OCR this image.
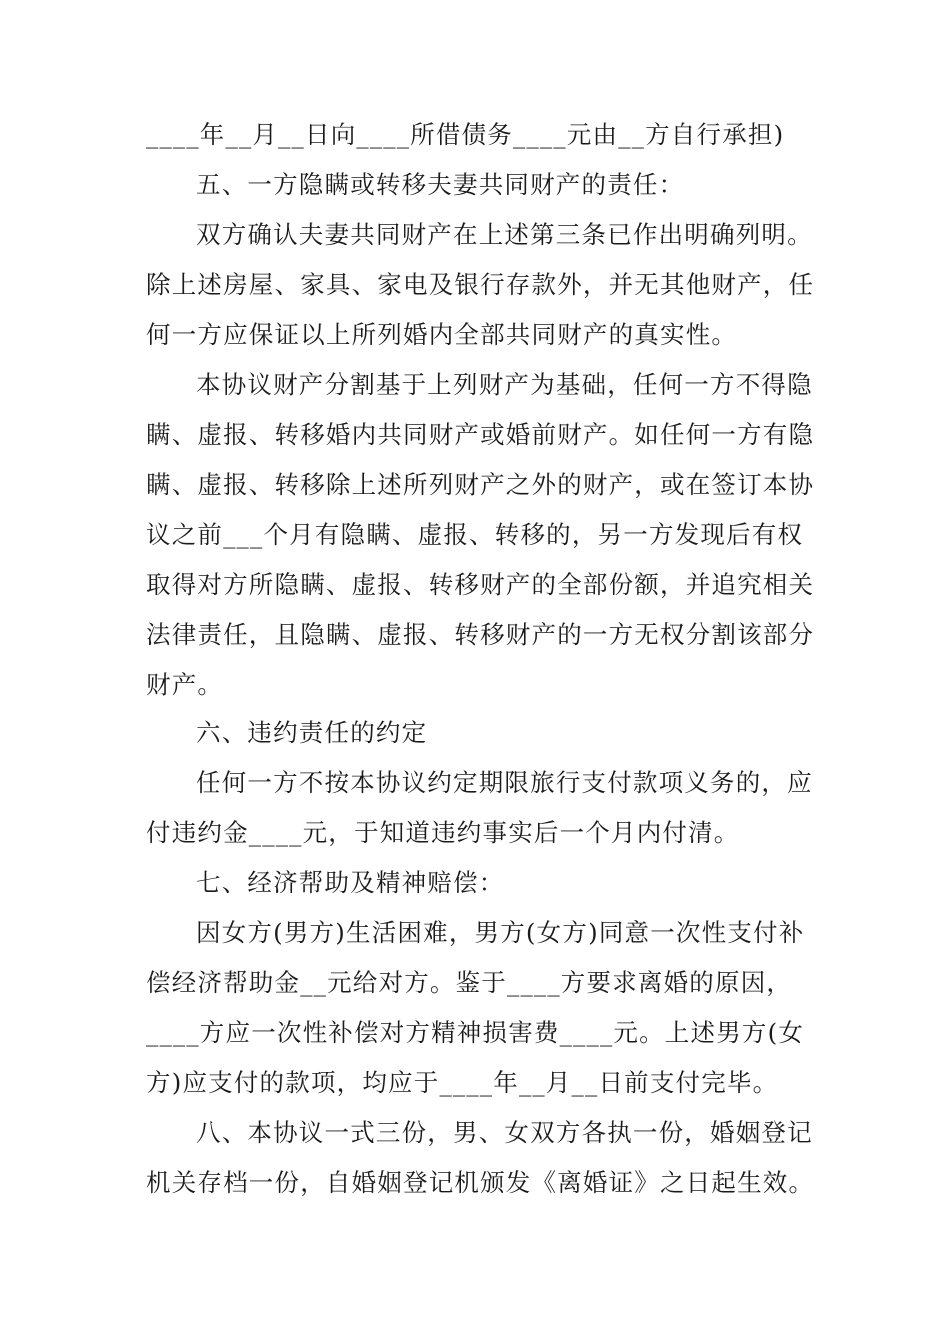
____年__月__日向____所借债务____元由__方自行承担)

五、一方隐瞒或转移夫妻共同财产的责任：

双方确认夫妻共同财产在上述第三条已作出明确列明。

除上述房屋、家具、家电及银行存款外，并无其他财产，任

何一方应保证以上所列婚内全部共同财产的真实性。

本协议财产分割基于上列财产为基础，任何一方不得隐

瞒、虚报、转移婚内共同财产或婚前财产。如任何一方有隐

瞒、虚报、转移除上述所列财产之外的财产，或在签订本协

议之前___个月有隐瞒、虚报、转移的，另一方发现后有权

取得对方所隐瞒、虚报、转移财产的全部份额，并追究相关

法律责任，且隐瞒、虚报、转移财产的一方无权分割该部分

财产。

六、违约责任的约定

任何一方不按本协议约定期限旅行支付款项义务的，应

付违约金____元，于知道违约事实后一个月内付清。

七、经济帮助及精神赔偿：

因女方(男方)生活困难，男方(女方)同意一次性支付补

偿经济帮助金__元给对方。鉴于____方要求离婚的原因，

____方应一次性补偿对方精神损害费____元。上述男方(女

方)应支付的款项，均应于____年__月__日前支付完毕。

八、本协议一式三份，男、女双方各执一份，婚姻登记

机关存档一份，自婚姻登记机颁发《离婚证》之日起生效。
